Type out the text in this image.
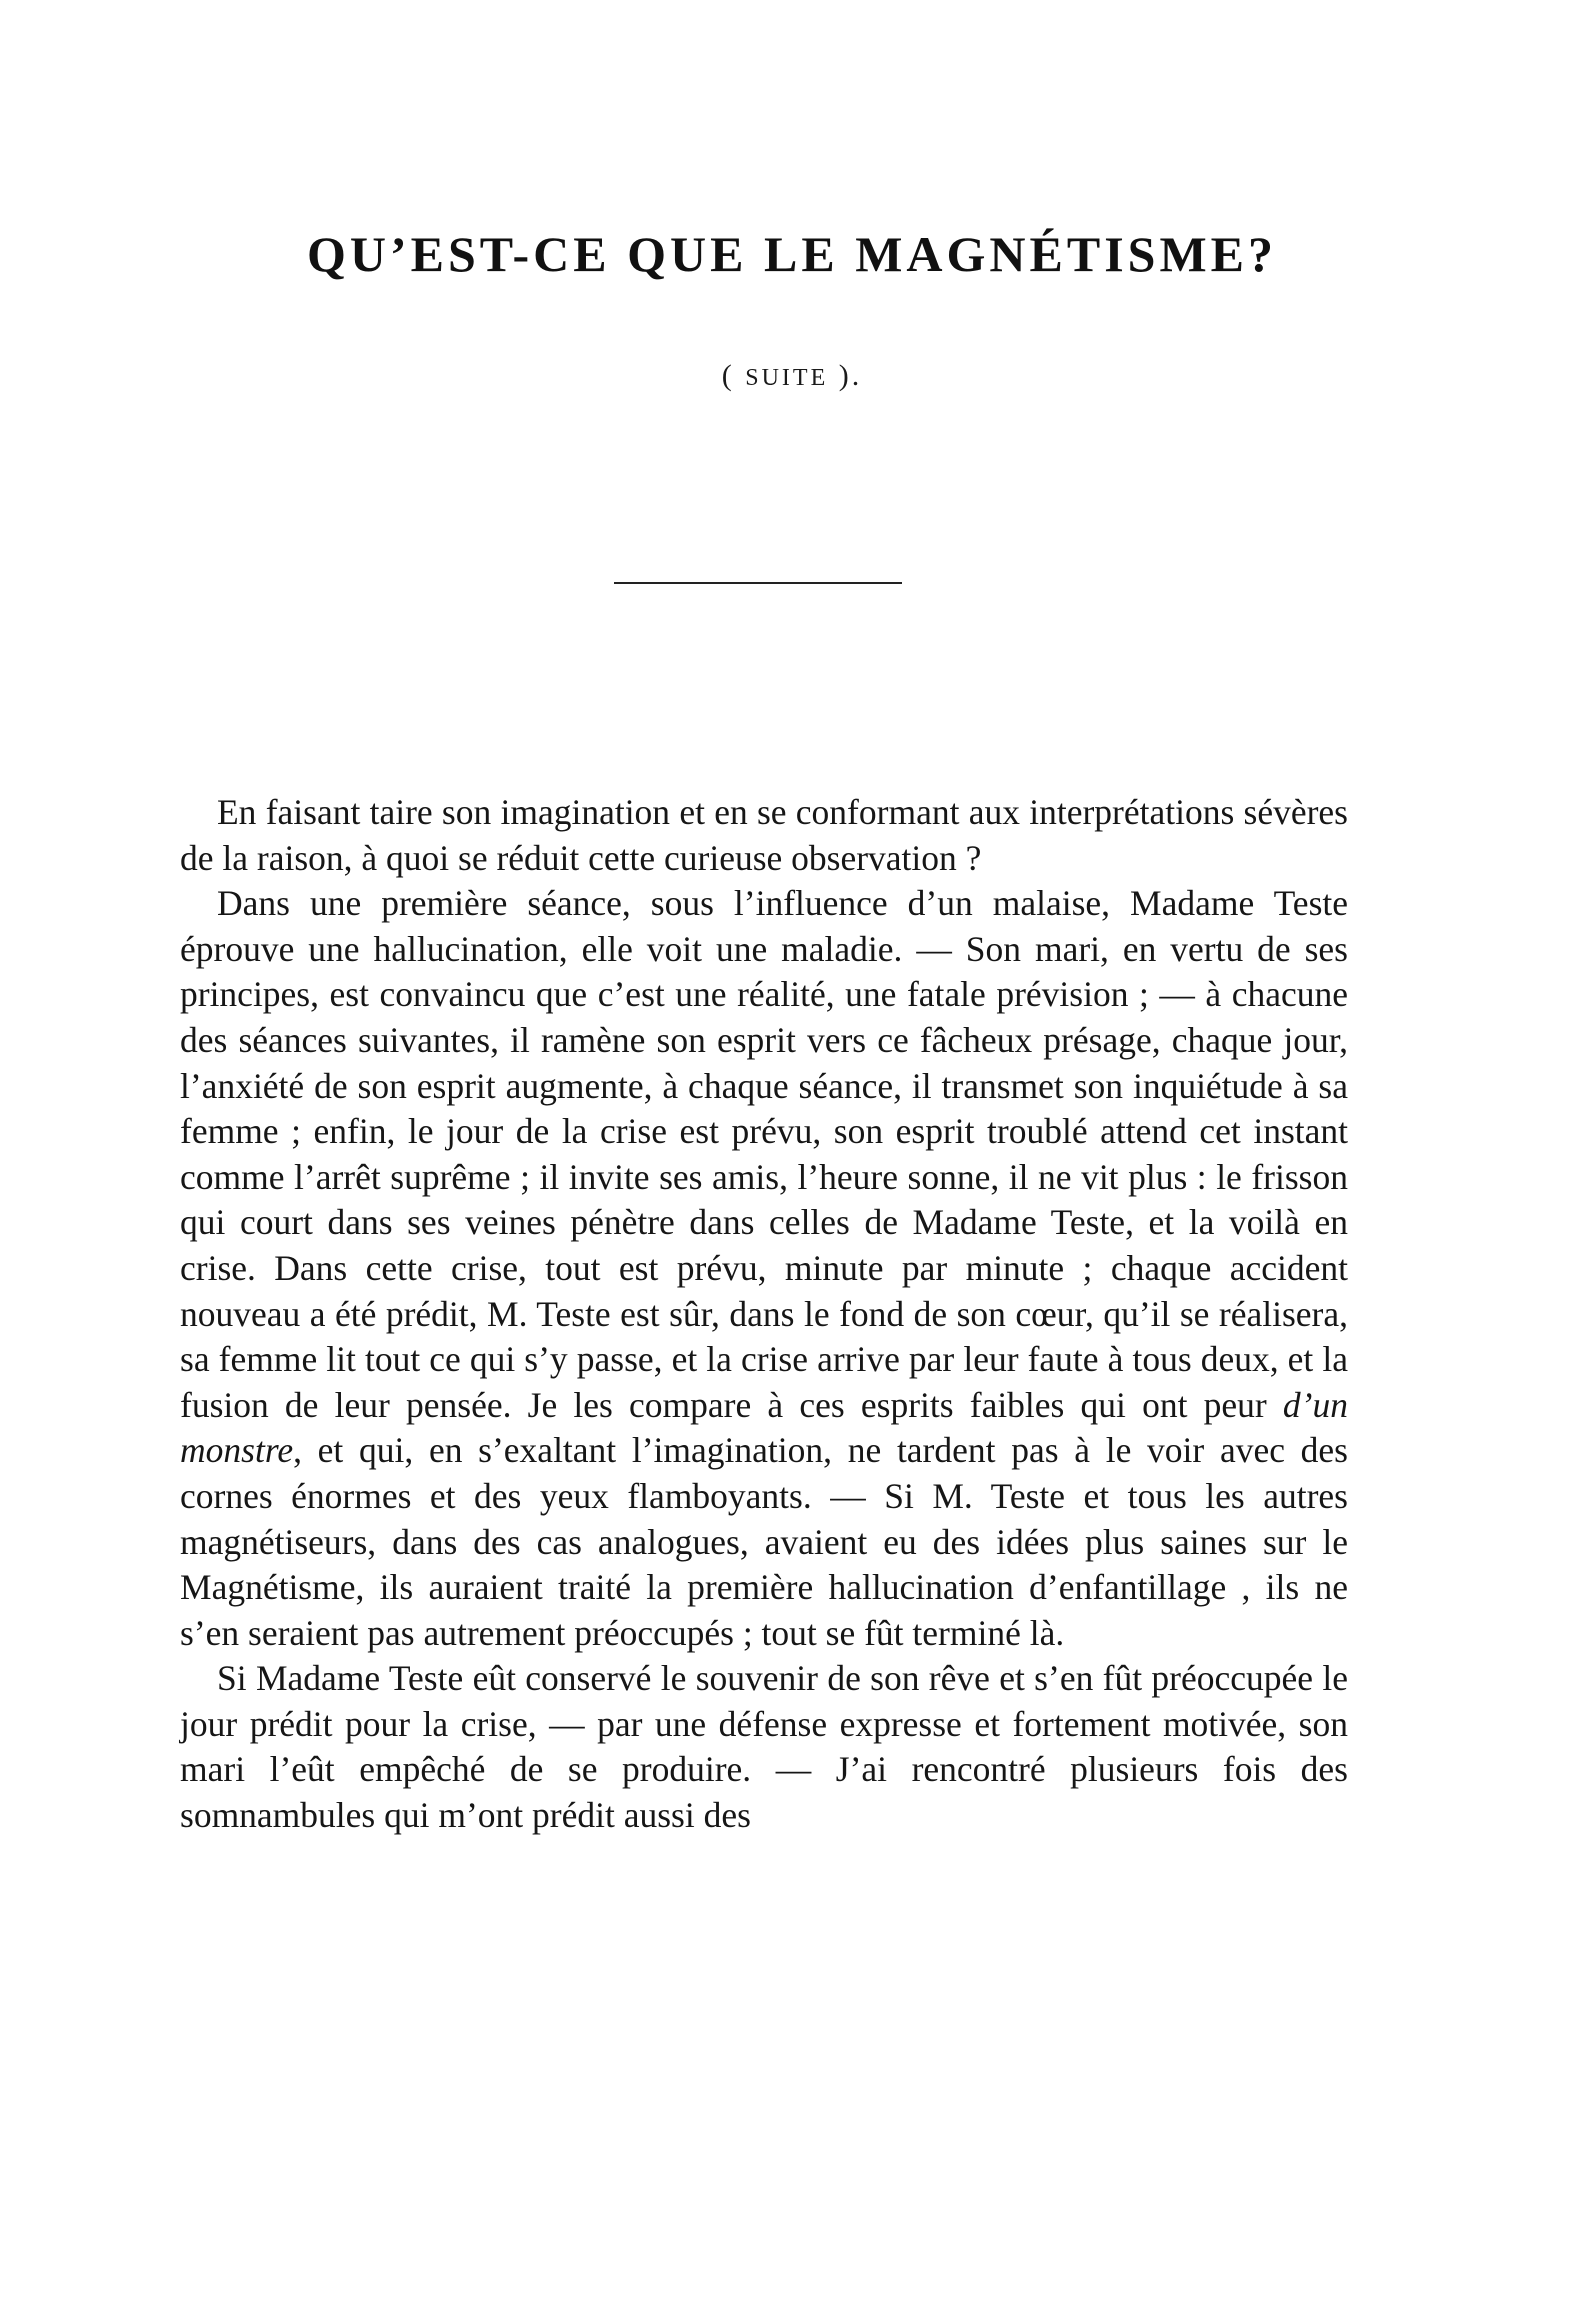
QU’EST-CE QUE LE MAGNÉTISME?
( SUITE ).

En faisant taire son imagination et en se conformant aux interprétations sévères de la raison, à quoi se réduit cette curieuse observation ?

Dans une première séance, sous l’influence d’un malaise, Madame Teste éprouve une hallucination, elle voit une maladie. — Son mari, en vertu de ses principes, est convaincu que c’est une réalité, une fatale prévision ; — à chacune des séances suivantes, il ramène son esprit vers ce fâcheux présage, chaque jour, l’anxiété de son esprit augmente, à chaque séance, il transmet son inquiétude à sa femme ; enfin, le jour de la crise est prévu, son esprit troublé attend cet instant comme l’arrêt suprême ; il invite ses amis, l’heure sonne, il ne vit plus : le frisson qui court dans ses veines pénètre dans celles de Madame Teste, et la voilà en crise. Dans cette crise, tout est prévu, minute par minute ; chaque accident nouveau a été prédit, M. Teste est sûr, dans le fond de son cœur, qu’il se réalisera, sa femme lit tout ce qui s’y passe, et la crise arrive par leur faute à tous deux, et la fusion de leur pensée. Je les compare à ces esprits faibles qui ont peur d’un monstre, et qui, en s’exaltant l’imagination, ne tardent pas à le voir avec des cornes énormes et des yeux flamboyants. — Si M. Teste et tous les autres magnétiseurs, dans des cas analogues, avaient eu des idées plus saines sur le Magnétisme, ils auraient traité la première hallucination d’enfantillage , ils ne s’en seraient pas autrement préoccupés ; tout se fût terminé là.

Si Madame Teste eût conservé le souvenir de son rêve et s’en fût préoccupée le jour prédit pour la crise, — par une défense expresse et fortement motivée, son mari l’eût empêché de se produire. — J’ai rencontré plusieurs fois des somnambules qui m’ont prédit aussi des
